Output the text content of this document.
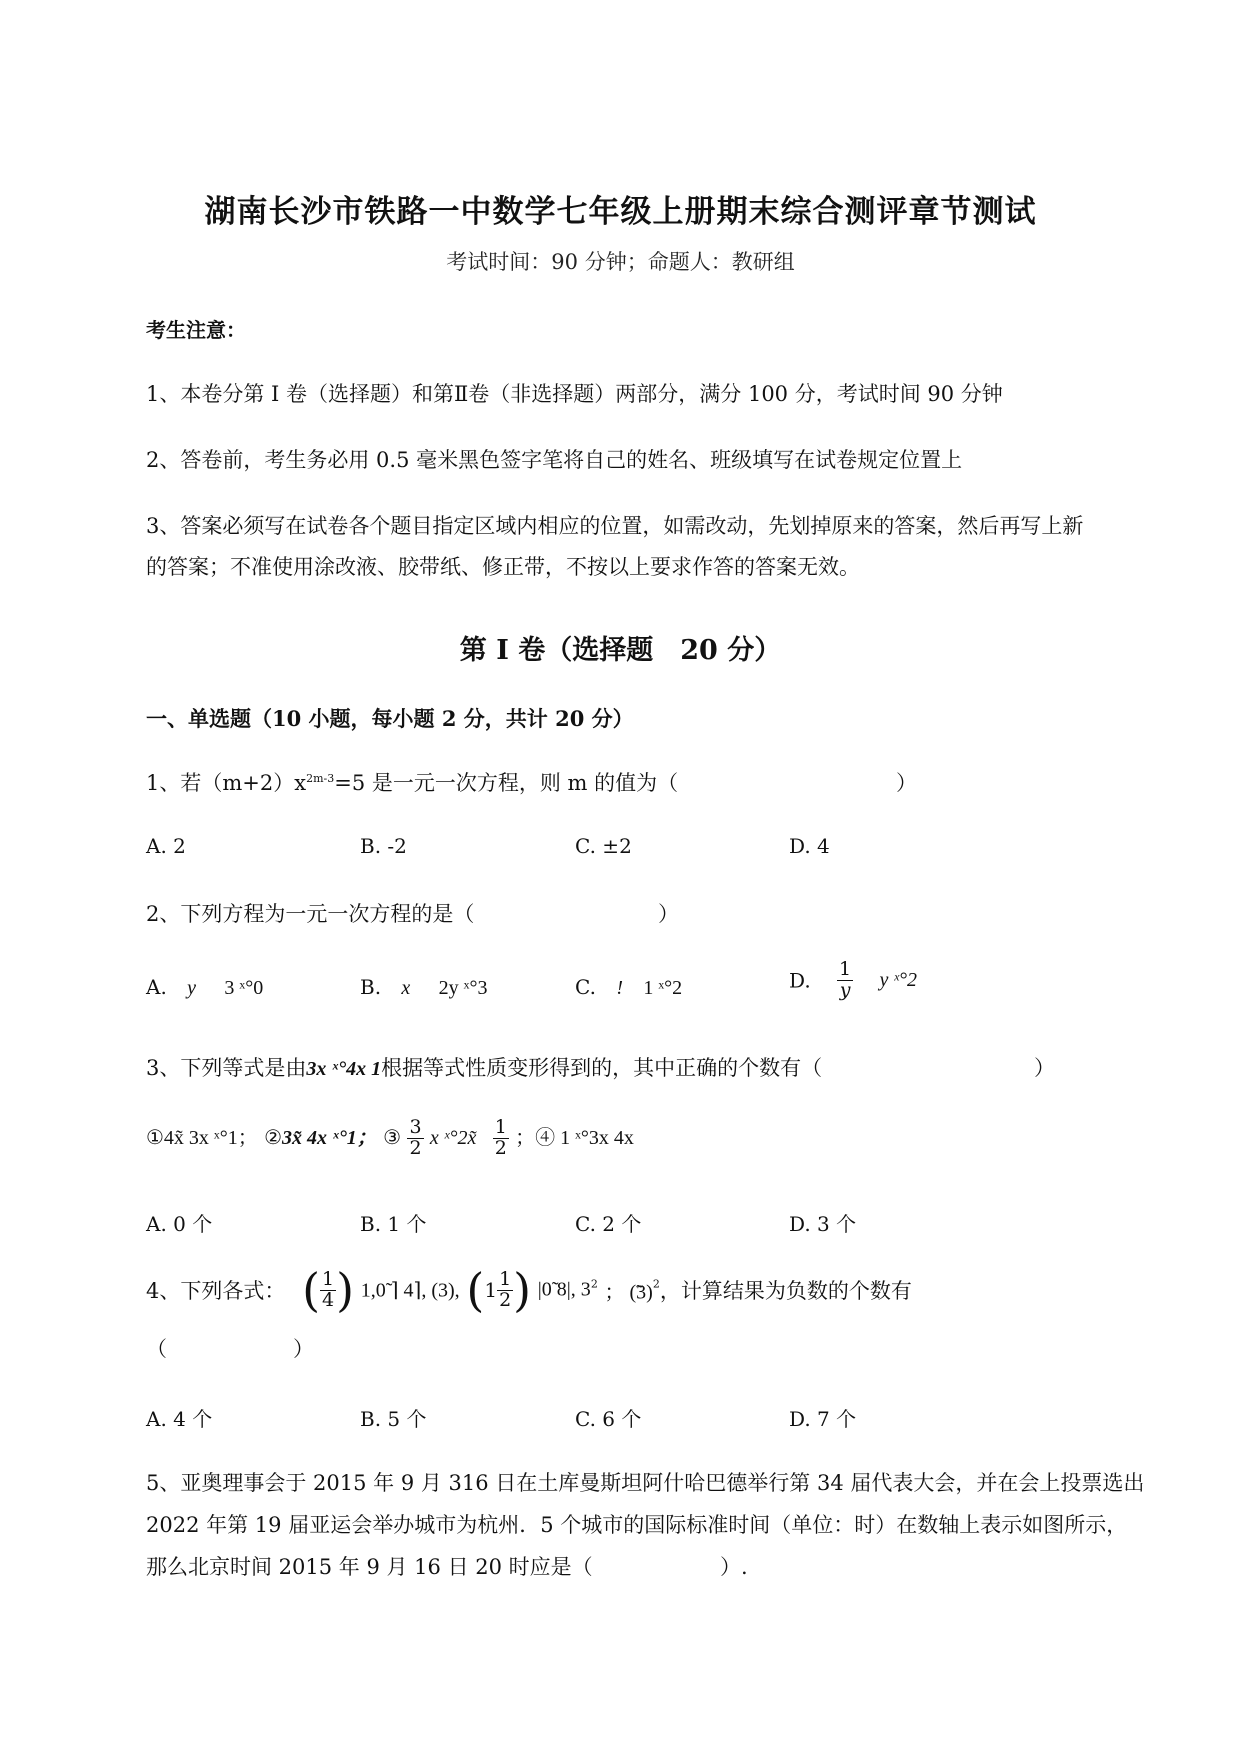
湖南长沙市铁路一中数学七年级上册期末综合测评章节测试
考试时间：90 分钟；命题人：教研组
考生注意：
1、本卷分第 I 卷（选择题）和第Ⅱ卷（非选择题）两部分，满分 100 分，考试时间 90 分钟
2、答卷前，考生务必用 0.5 毫米黑色签字笔将自己的姓名、班级填写在试卷规定位置上
3、答案必须写在试卷各个题目指定区域内相应的位置，如需改动，先划掉原来的答案，然后再写上新
的答案；不准使用涂改液、胶带纸、修正带，不按以上要求作答的答案无效。
第 I 卷（选择题　20 分）
一、单选题（10 小题，每小题 2 分，共计 20 分）
1、若$(m+2)x^{2m-3}=5$ 是一元一次方程，则 m 的值为（	）
A. 2	B. -2	C. ±2	D. 4
2、下列方程为一元一次方程的是（	）
A. y 3 ˣ°0	B. x 2y ˣ°3	C. ! 1 ˣ°2	D. $\frac{1}{y}$ y ˣ°2
3、下列等式是由3x ˣ°4x 1根据等式性质变形得到的，其中正确的个数有（	）
①4x̃ 3x ˣ°1； ②3x̃ 4x ˣ°1； ③ $\frac{3}{2}$ x ˣ°2x̃ $\frac{1}{2}$ ；④ 1 ˣ°3x 4x
A. 0 个	B. 1 个	C. 2 个	D. 3 个
4、下列各式： ( $\frac{1}{4}$ ) 1,0̃ ⌉ 4⌉, (3), ($1 \frac{1}{2}$ ) |0̃ 8|, $3^2$ ； (̃3)$^2$，计算结果为负数的个数有
（　　　　　　）
A. 4 个	B. 5 个	C. 6 个	D. 7 个
5、亚奥理事会于 2015 年 9 月 316 日在土库曼斯坦阿什哈巴德举行第 34 届代表大会，并在会上投票选出
2022 年第 19 届亚运会举办城市为杭州．5 个城市的国际标准时间（单位：时）在数轴上表示如图所示，
那么北京时间 2015 年 9 月 16 日 20 时应是（	）.
